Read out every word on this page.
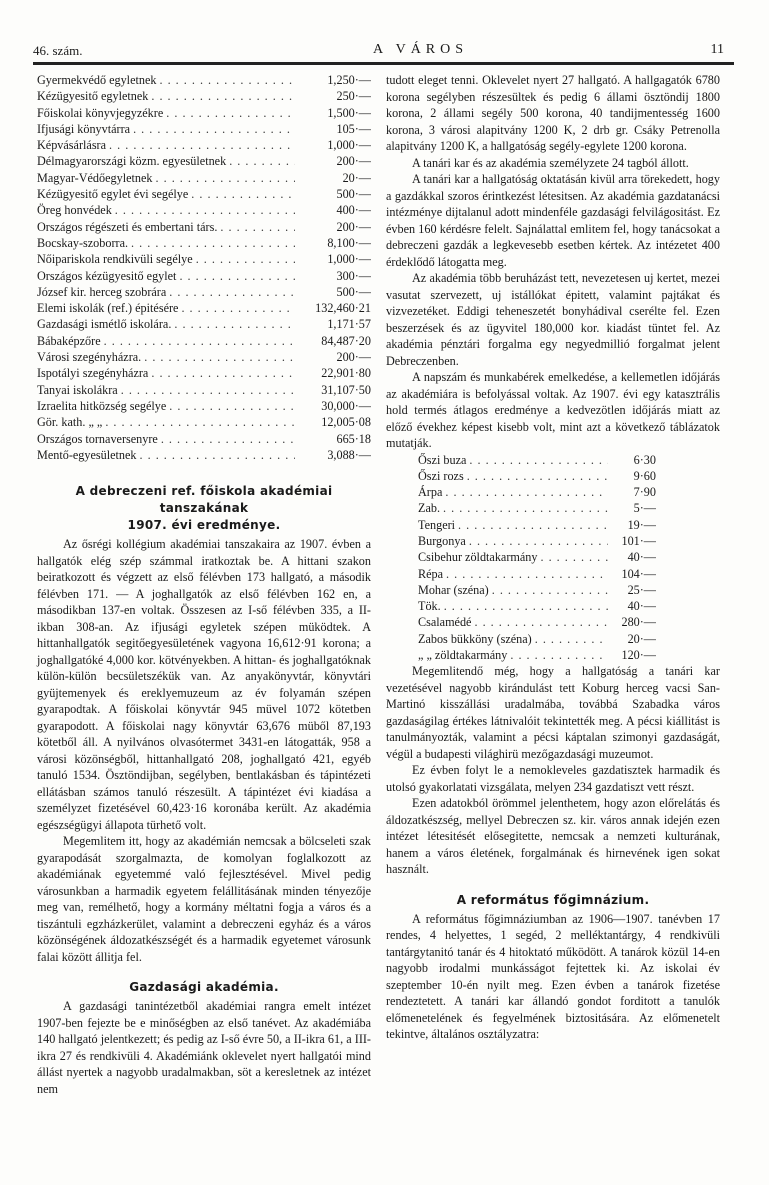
46. szám.	A VÁROS	11
Gyermekvédő egyletnek . . .	1,250·—
Kézügyesitő egyletnek . . .	250·—
Főiskolai könyvjegyzékre . . .	1,500·—
Ifjusági könyvtárra . . .	105·—
Képvásárlásra . . .	1,000·—
Délmagyarországi közm. egyesületnek . . .	200·—
Magyar-Védőegyletnek . . .	20·—
Kézügyesitő egylet évi segélye . . .	500·—
Öreg honvédek . . .	400·—
Országos régészeti és embertani társ. . . .	200·—
Bocskay-szoborra. . . .	8,100·—
Nőipariskola rendkivüli segélye . . .	1,000·—
Országos kézügyesitő egylet . . .	300·—
József kir. herceg szobrára . . .	500·—
Elemi iskolák (ref.) épitésére . . .	132,460·21
Gazdasági ismétlő iskolára. . . .	1,171·57
Bábaképzőre . . .	84,487·20
Városi szegényházra. . . .	200·—
Ispotályi szegényházra . . .	22,901·80
Tanyai iskolákra . . .	31,107·50
Izraelita hitközség segélye . . .	30,000·—
Gör. kath. „ „ . . .	12,005·08
Országos tornaversenyre . . .	665·18
Mentő-egyesületnek . . .	3,088·—
A debreczeni ref. főiskola akadémiai tanszakának
1907. évi eredménye.

Az ősrégi kollégium akadémiai tanszakaira az 1907. évben a hallgatók elég szép számmal iratkoztak be. A hittani szakon beiratkozott és végzett az első félévben 173 hallgató, a második félévben 171. — A joghallgatók az első félévben 162 en, a másodikban 137-en voltak. Összesen az I-ső félévben 335, a II-ikban 308-an. Az ifjusági egyletek szépen müködtek. A hittanhallgatók segitőegyesületének vagyona 16,612·91 korona; a joghallgatóké 4,000 kor. kötvényekben. A hittan- és joghallgatóknak külön-külön becsületszékük van. Az anyakönyvtár, könyvtári gyüjtemenyek és ereklyemuzeum az év folyamán szépen gyarapodtak. A főiskolai könyvtár 945 müvel 1072 kötetben gyarapodott. A főiskolai nagy könyvtár 63,676 müből 87,193 kötetből áll. A nyilvános olvasótermet 3431-en látogatták, 958 a városi közönségből, hittanhallgató 208, joghallgató 421, egyéb tanuló 1534. Ösztöndijban, segélyben, bentlakásban és tápintézeti ellátásban számos tanuló részesült. A tápintézet évi kiadása a személyzet fizetésével 60,423·16 koronába került. Az akadémia egészségügyi állapota türhető volt.

Megemlitem itt, hogy az akadémián nemcsak a bölcseleti szak gyarapodását szorgalmazta, de komolyan foglalkozott az akadémiának egyetemmé való fejlesztésével. Mivel pedig városunkban a harmadik egyetem felállitásának minden tényezője meg van, remélhető, hogy a kormány méltatni fogja a város és a tiszántuli egzházkerület, valamint a debreczeni egyház és a város közönségének áldozatkészségét és a harmadik egyetemet városunk falai között állitja fel.

Gazdasági akadémia.

A gazdasági tanintézetből akadémiai rangra emelt intézet 1907-ben fejezte be e minőségben az első tanévet. Az akadémiába 140 hallgató jelentkezett; és pedig az I-ső évre 50, a II-ikra 61, a III-ikra 27 és rendkivüli 4. Akadémiánk oklevelet nyert hallgatói mind állást nyertek a nagyobb uradalmakban, söt a keresletnek az intézet nem

tudott eleget tenni. Oklevelet nyert 27 hallgató. A hallgagatók 6780 korona segélyben részesültek és pedig 6 állami ösztöndij 1800 korona, 2 állami segély 500 korona, 40 tandijmentesség 1600 korona, 3 városi alapitvány 1200 K, 2 drb gr. Csáky Petrenolla alapitvány 1200 K, a hallgatóság segély-egylete 1200 korona.

A tanári kar és az akadémia személyzete 24 tagból állott.

A tanári kar a hallgatóság oktatásán kivül arra törekedett, hogy a gazdákkal szoros érintkezést létesitsen. Az akadémia gazdatanácsi intézménye dijtalanul adott mindenféle gazdasági felvilágositást. Ez évben 160 kérdésre felelt. Sajnálattal emlitem fel, hogy tanácsokat a debreczeni gazdák a legkevesebb esetben kértek. Az intézetet 400 érdeklődő látogatta meg.

Az akadémia több beruházást tett, nevezetesen uj kertet, mezei vasutat szervezett, uj istállókat épitett, valamint pajtákat és vizvezetéket. Eddigi teheneszetét bonyhádival cserélte fel. Ezen beszerzések és az ügyvitel 180,000 kor. kiadást tüntet fel. Az akadémia pénztári forgalma egy negyedmillió forgalmat jelent Debreczenben.

A napszám és munkabérek emelkedése, a kellemetlen időjárás az akadémiára is befolyással voltak. Az 1907. évi egy katasztrális hold termés átlagos eredménye a kedvezötlen időjárás miatt az előző évekhez képest kisebb volt, mint azt a következő táblázatok mutatják.

Őszi buza . . .	6·30
Őszi rozs . . .	9·60
Árpa . . .	7·90
Zab. . . .	5·—
Tengeri . . .	19·—
Burgonya . . .	101·—
Csibehur zöldtakarmány . . .	40·—
Répa . . .	104·—
Mohar (széna) . . .	25·—
Tök. . . .	40·—
Csalamédé . . .	280·—
Zabos bükköny (széna) . . .	20·—
„ „ zöldtakarmány . . .	120·—

Megemlitendő még, hogy a hallgatóság a tanári kar vezetésével nagyobb kirándulást tett Koburg herceg vacsi San-Martinó kisszállási uradalmába, továbbá Szabadka város gazdaságilag értékes látnivalóit tekintették meg. A pécsi kiállitást is tanulmányozták, valamint a pécsi káptalan szimonyi gazdaságát, végül a budapesti világhirü mezőgazdasági muzeumot.

Ez évben folyt le a nemokleveles gazdatisztek harmadik és utolsó gyakorlatati vizsgálata, melyen 234 gazdatiszt vett részt.

Ezen adatokból örömmel jelenthetem, hogy azon előrelátás és áldozatkészség, mellyel Debreczen sz. kir. város annak idején ezen intézet létesitését elősegitette, nemcsak a nemzeti kulturának, hanem a város életének, forgalmának és hirnevének igen sokat használt.

A református főgimnázium.

A református főgimnáziumban az 1906—1907. tanévben 17 rendes, 4 helyettes, 1 segéd, 2 melléktantárgy, 4 rendkivüli tantárgytanitó tanár és 4 hitoktató működött. A tanárok közül 14-en nagyobb irodalmi munkásságot fejtettek ki. Az iskolai év szeptember 10-én nyilt meg. Ezen évben a tanárok fizetése rendeztetett. A tanári kar állandó gondot forditott a tanulók előmenetelének és fegyelmének biztositására. Az előmenetelt tekintve, általános osztályzatra:
